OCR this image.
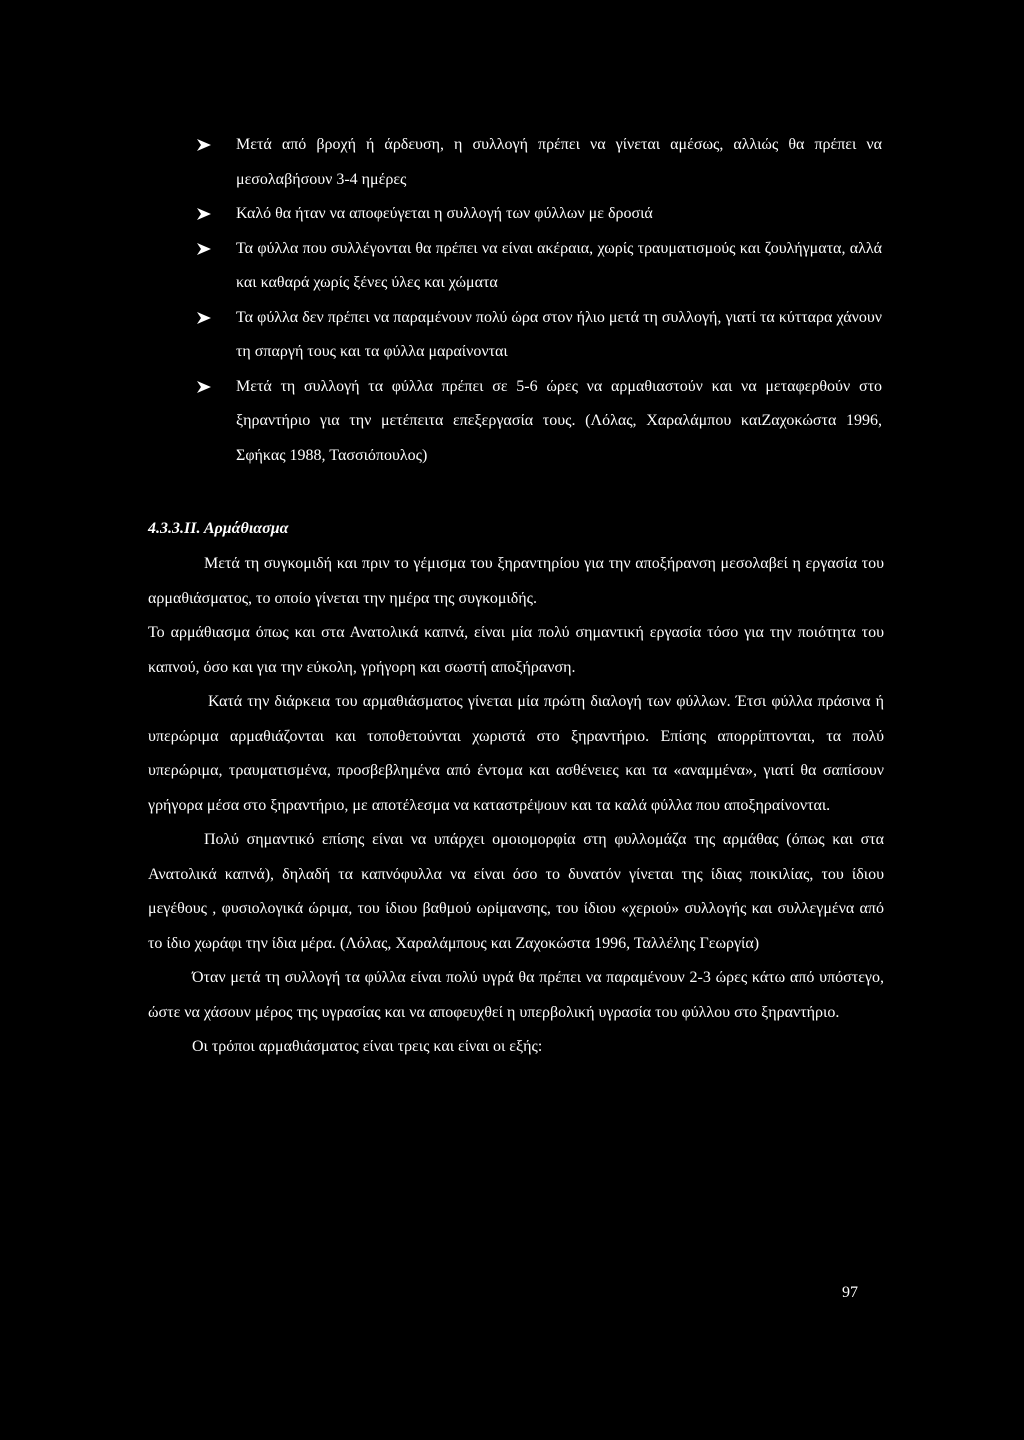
Μετά από βροχή ή άρδευση, η συλλογή πρέπει να γίνεται αμέσως, αλλιώς θα πρέπει να μεσολαβήσουν 3-4 ημέρες
Καλό θα ήταν να αποφεύγεται η συλλογή των φύλλων με δροσιά
Τα φύλλα που συλλέγονται θα πρέπει να είναι ακέραια, χωρίς τραυματισμούς και ζουλήγματα, αλλά και καθαρά χωρίς ξένες ύλες και χώματα
Τα φύλλα δεν πρέπει να παραμένουν πολύ ώρα στον ήλιο μετά τη συλλογή, γιατί τα κύτταρα χάνουν τη σπαργή τους και τα φύλλα μαραίνονται
Μετά τη συλλογή τα φύλλα πρέπει σε 5-6 ώρες να αρμαθιαστούν και να μεταφερθούν στο ξηραντήριο για την μετέπειτα επεξεργασία τους. (Λόλας, Χαραλάμπου καιΖαχοκώστα 1996, Σφήκας 1988, Τασσιόπουλος)
4.3.3.ΙΙ. Αρμάθιασμα

Μετά τη συγκομιδή και πριν το γέμισμα του ξηραντηρίου για την αποξήρανση μεσολαβεί η εργασία του αρμαθιάσματος, το οποίο γίνεται την ημέρα της συγκομιδής.

Το αρμάθιασμα όπως και στα Ανατολικά καπνά, είναι μία πολύ σημαντική εργασία τόσο για την ποιότητα του καπνού, όσο και για την εύκολη, γρήγορη και σωστή αποξήρανση.

Κατά την διάρκεια του αρμαθιάσματος γίνεται μία πρώτη διαλογή των φύλλων. Έτσι φύλλα πράσινα ή υπερώριμα αρμαθιάζονται και τοποθετούνται χωριστά στο ξηραντήριο. Επίσης απορρίπτονται, τα πολύ υπερώριμα, τραυματισμένα, προσβεβλημένα από έντομα και ασθένειες και τα «αναμμένα», γιατί θα σαπίσουν γρήγορα μέσα στο ξηραντήριο, με αποτέλεσμα να καταστρέψουν και τα καλά φύλλα που αποξηραίνονται.

Πολύ σημαντικό επίσης είναι να υπάρχει ομοιομορφία στη φυλλομάζα της αρμάθας (όπως και στα Ανατολικά καπνά), δηλαδή τα καπνόφυλλα να είναι όσο το δυνατόν γίνεται της ίδιας ποικιλίας, του ίδιου μεγέθους , φυσιολογικά ώριμα, του ίδιου βαθμού ωρίμανσης, του ίδιου «χεριού» συλλογής και συλλεγμένα από το ίδιο χωράφι την ίδια μέρα. (Λόλας, Χαραλάμπους και Ζαχοκώστα 1996, Ταλλέλης Γεωργία)

Όταν μετά τη συλλογή τα φύλλα είναι πολύ υγρά θα πρέπει να παραμένουν 2-3 ώρες κάτω από υπόστεγο, ώστε να χάσουν μέρος της υγρασίας και να αποφευχθεί η υπερβολική υγρασία του φύλλου στο ξηραντήριο.

Οι τρόποι αρμαθιάσματος είναι τρεις και είναι οι εξής:

97
